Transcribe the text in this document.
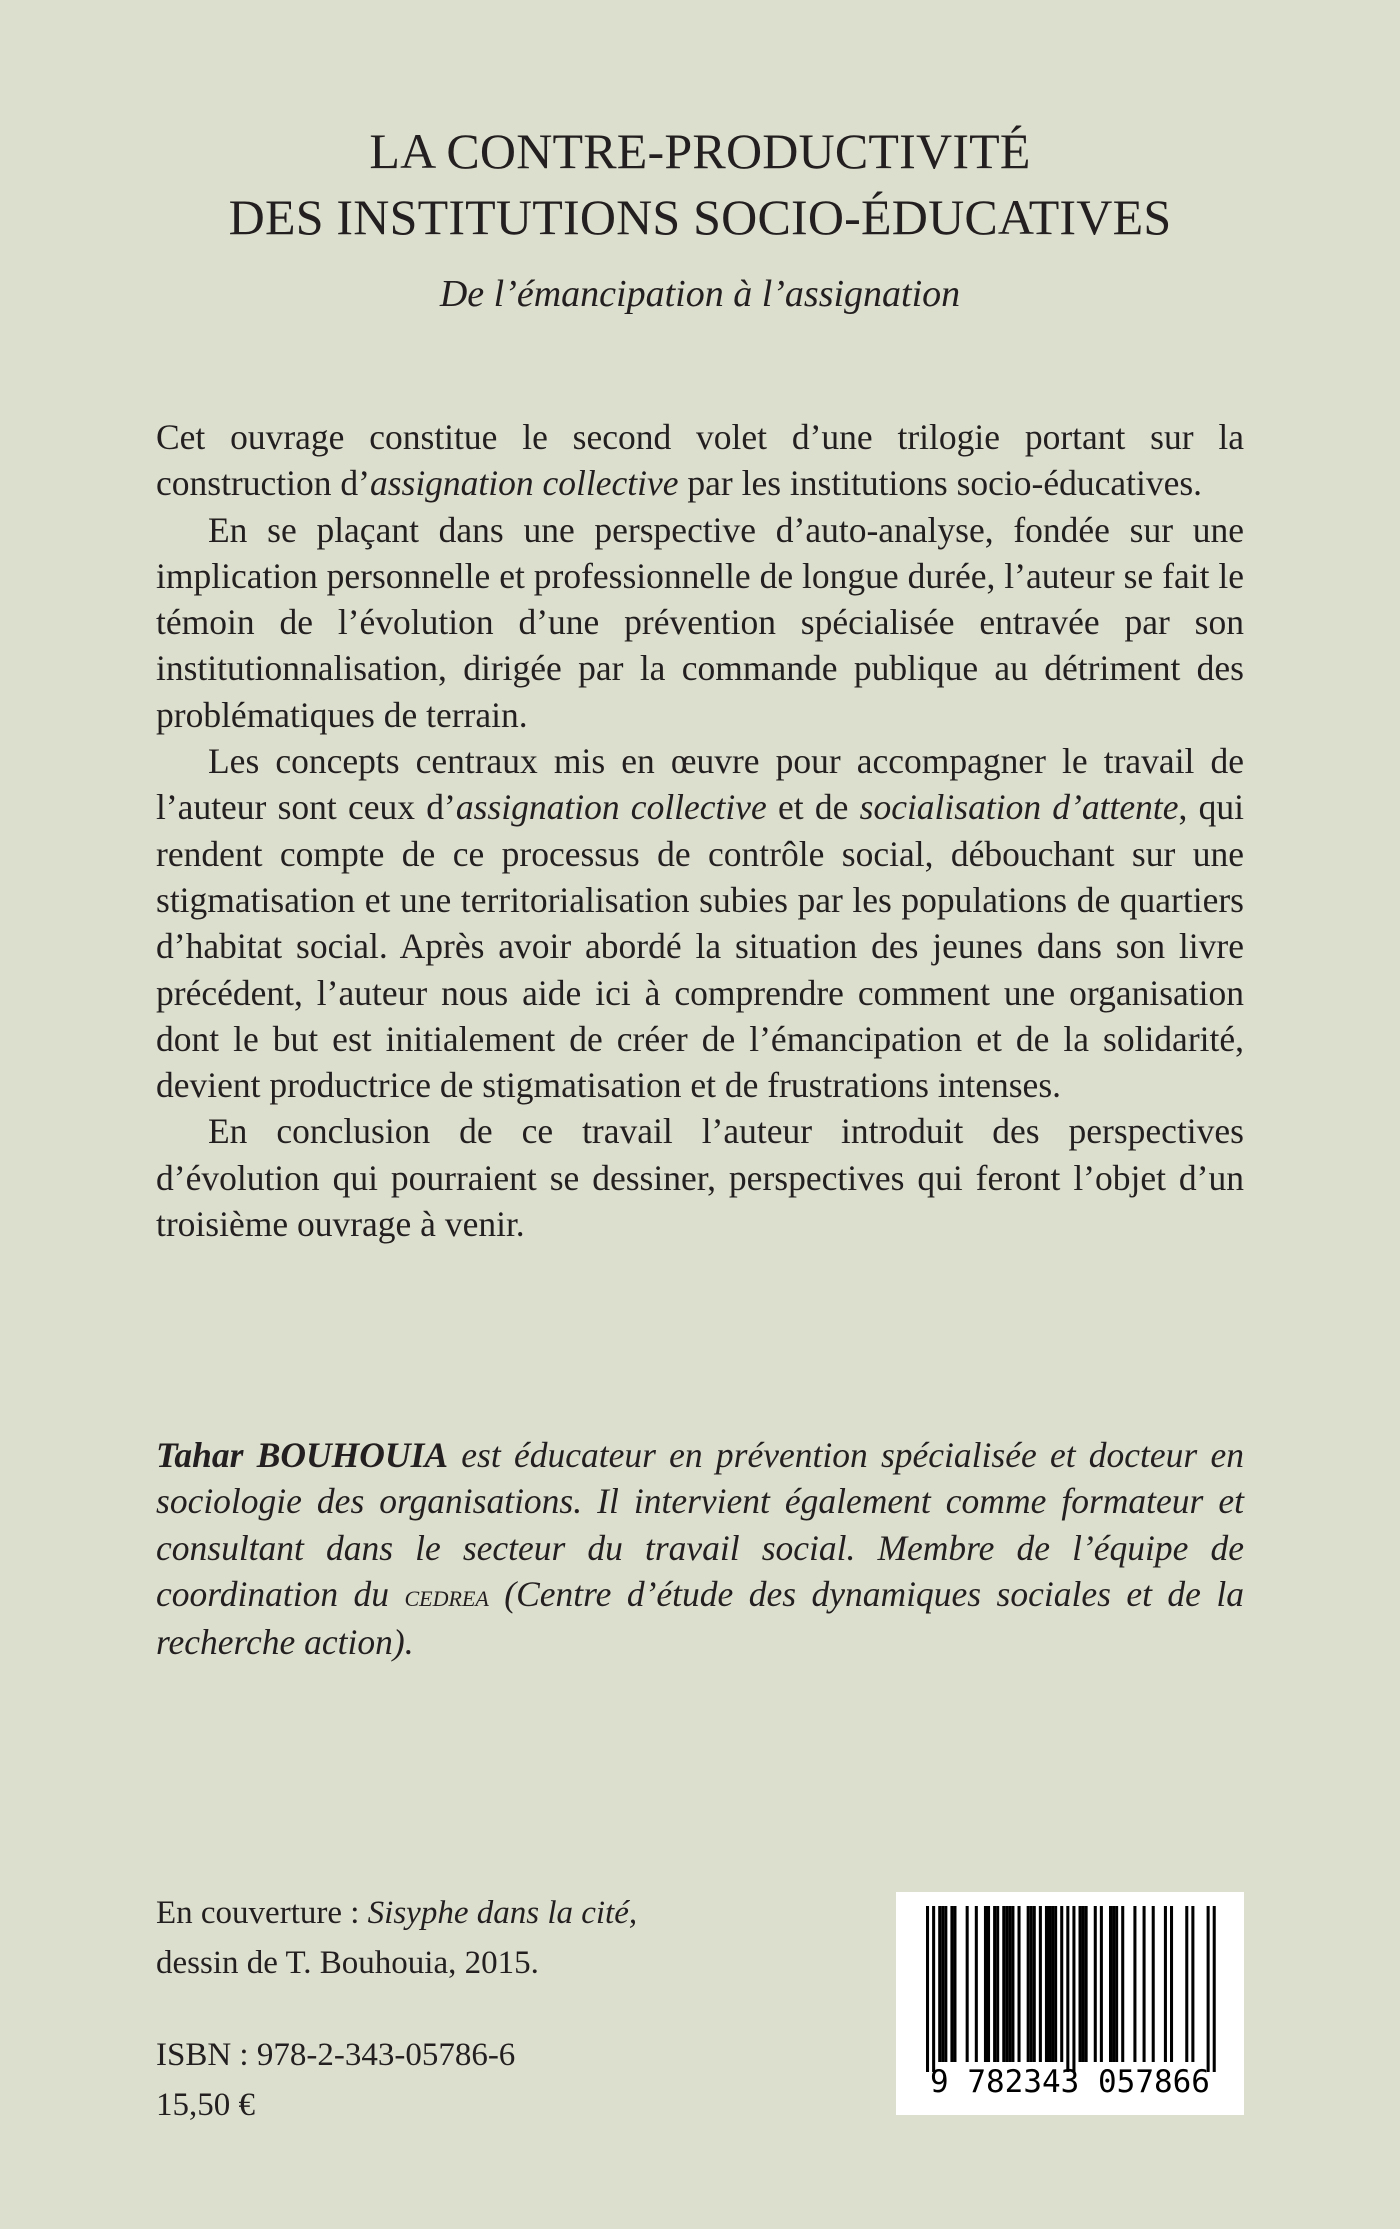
LA CONTRE-PRODUCTIVITÉ
DES INSTITUTIONS SOCIO-ÉDUCATIVES
De l’émancipation à l’assignation

Cet ouvrage constitue le second volet d’une trilogie portant sur la construction d’assignation collective par les institutions socio-éducatives.

En se plaçant dans une perspective d’auto-analyse, fondée sur une implication personnelle et professionnelle de longue durée, l’auteur se fait le témoin de l’évolution d’une prévention spécialisée entravée par son institutionnalisation, dirigée par la commande publique au détriment des problématiques de terrain.

Les concepts centraux mis en œuvre pour accompagner le travail de l’auteur sont ceux d’assignation collective et de socialisation d’attente, qui rendent compte de ce processus de contrôle social, débouchant sur une stigmatisation et une territorialisation subies par les populations de quartiers d’habitat social. Après avoir abordé la situation des jeunes dans son livre précédent, l’auteur nous aide ici à comprendre comment une organisation dont le but est initialement de créer de l’émancipation et de la solidarité, devient productrice de stigmatisation et de frustrations intenses.

En conclusion de ce travail l’auteur introduit des perspectives d’évolution qui pourraient se dessiner, perspectives qui feront l’objet d’un troisième ouvrage à venir.

Tahar BOUHOUIA est éducateur en prévention spécialisée et docteur en sociologie des organisations. Il intervient également comme formateur et consultant dans le secteur du travail social. Membre de l’équipe de coordination du cedrea (Centre d’étude des dynamiques sociales et de la recherche action).
En couverture : Sisyphe dans la cité,
dessin de T. Bouhouia, 2015.
ISBN : 978-2-343-05786-6
15,50 €
9 782343 057866
